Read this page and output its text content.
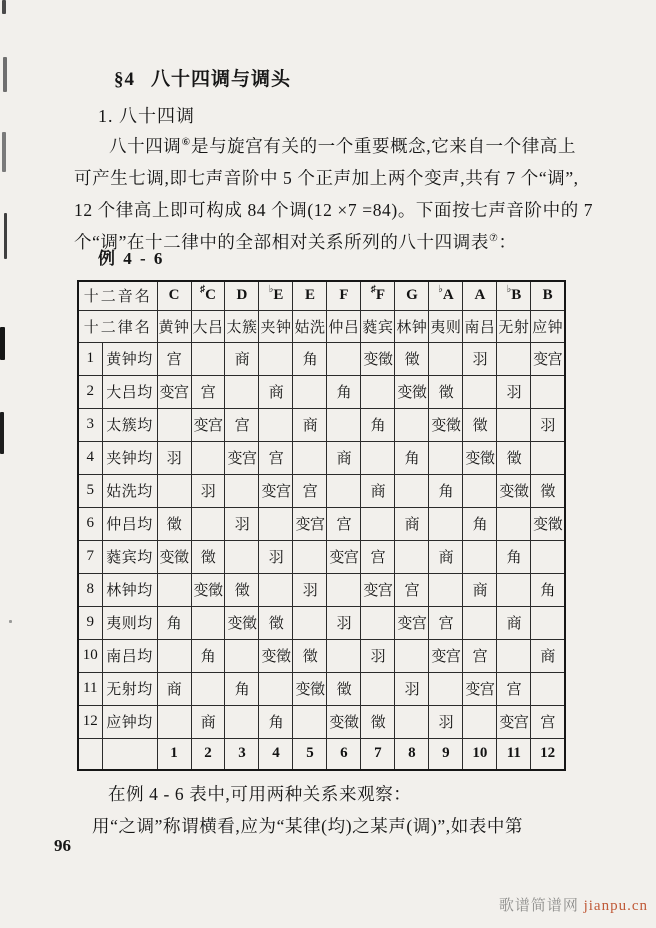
§4 八十四调与调头
1. 八十四调
八十四调⑥是与旋宫有关的一个重要概念,它来自一个律高上
可产生七调,即七声音阶中 5 个正声加上两个变声,共有 7 个“调”,
12 个律高上即可构成 84 个调(12 ×7 =84)。下面按七声音阶中的 7
个“调”在十二律中的全部相对关系所列的八十四调表⑦：
例 4 - 6
十二音名		C	♯C	D	♭E	E	F	♯F	G	♭A	A	♭B	B
十二律名		黄钟	大吕	太簇	夹钟	姑洗	仲吕	蕤宾	林钟	夷则	南吕	无射	应钟
1	黄钟均	宫		商		角		变徵	徵		羽		变宫
2	大吕均	变宫	宫		商		角		变徵	徵		羽	
3	太簇均		变宫	宫		商		角		变徵	徵		羽
4	夹钟均	羽		变宫	宫		商		角		变徵	徵	
5	姑洗均		羽		变宫	宫		商		角		变徵	徵
6	仲吕均	徵		羽		变宫	宫		商		角		变徵
7	蕤宾均	变徵	徵		羽		变宫	宫		商		角	
8	林钟均		变徵	徵		羽		变宫	宫		商		角
9	夷则均	角		变徵	徵		羽		变宫	宫		商	
10	南吕均		角		变徵	徵		羽		变宫	宫		商
11	无射均	商		角		变徵	徵		羽		变宫	宫	
12	应钟均		商		角		变徵	徵		羽		变宫	宫
		1	2	3	4	5	6	7	8	9	10	11	12
在例 4 - 6 表中,可用两种关系来观察：
用“之调”称谓横看,应为“某律(均)之某声(调)”,如表中第
96
歌谱简谱网 jianpu.cn
